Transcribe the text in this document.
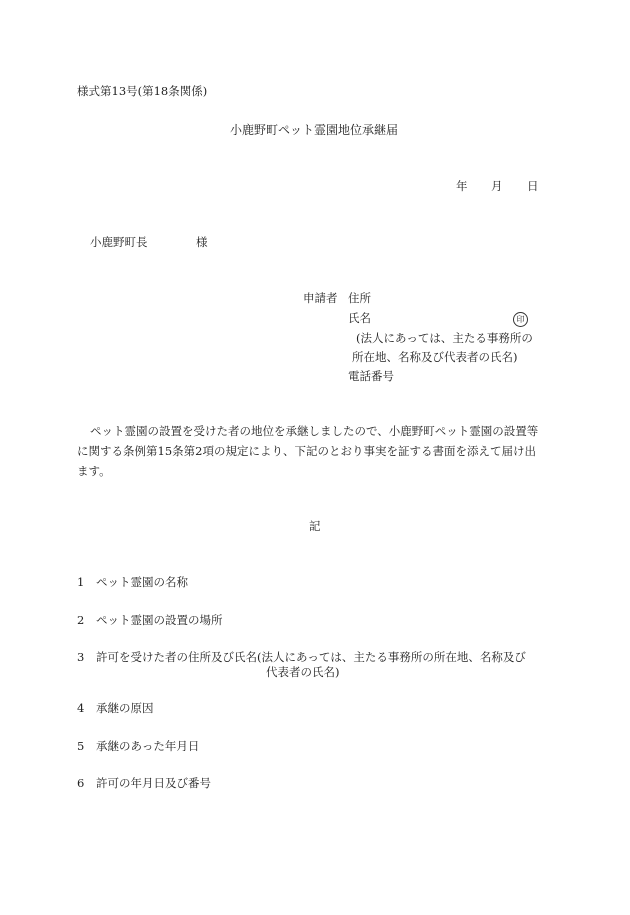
様式第13号(第18条関係)
小鹿野町ペット霊園地位承継届
年 月 日
小鹿野町長	様
申請者 住所
氏名	印
(法人にあっては、主たる事務所の
所在地、名称及び代表者の氏名)
電話番号
ペット霊園の設置を受けた者の地位を承継しましたので、小鹿野町ペット霊園の設置等
に関する条例第15条第2項の規定により、下記のとおり事実を証する書面を添えて届け出
ます。
記
1 ペット霊園の名称
2 ペット霊園の設置の場所
3 許可を受けた者の住所及び氏名(法人にあっては、主たる事務所の所在地、名称及び
代表者の氏名)
4 承継の原因
5 承継のあった年月日
6 許可の年月日及び番号
